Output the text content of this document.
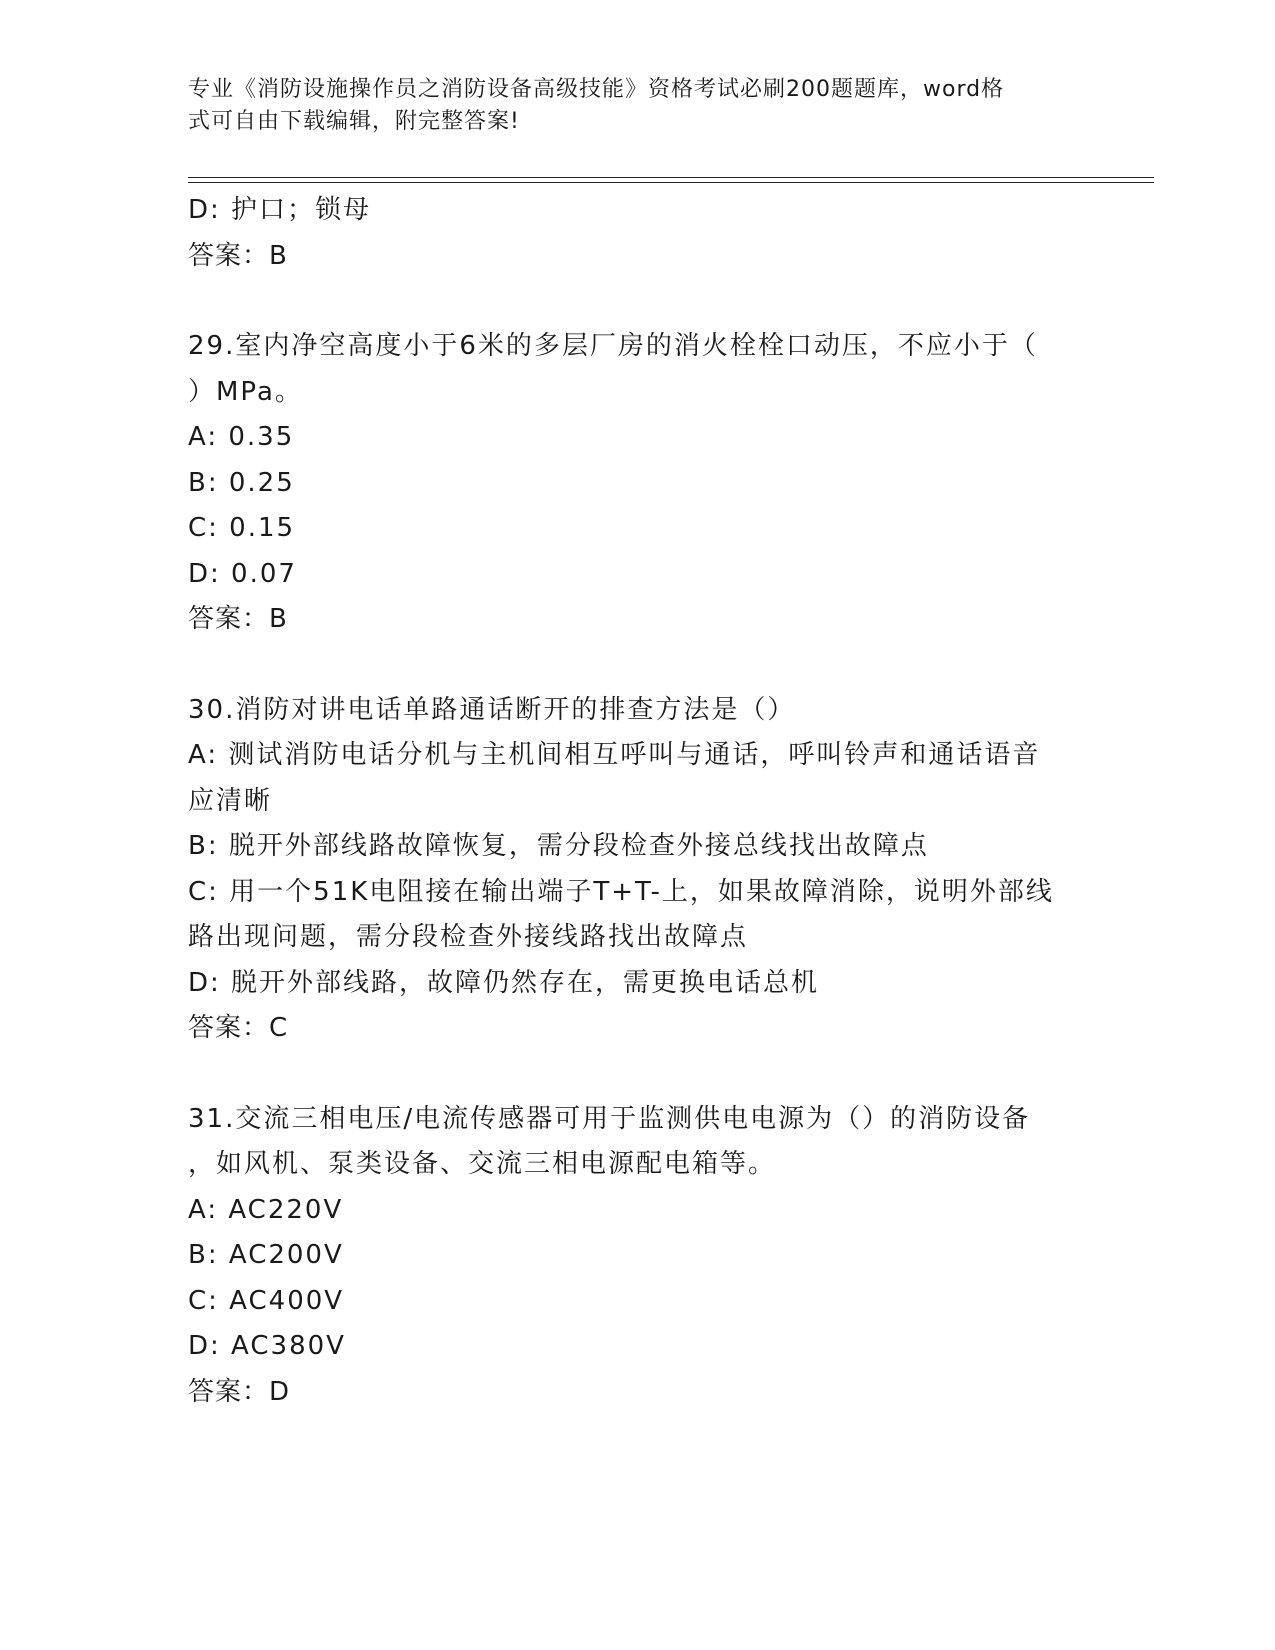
专业《消防设施操作员之消防设备高级技能》资格考试必刷200题题库，word格
式可自由下载编辑，附完整答案!
D: 护口；锁母
答案：B
29.室内净空高度小于6米的多层厂房的消火栓栓口动压，不应小于（
）MPa。
A: 0.35
B: 0.25
C: 0.15
D: 0.07
答案：B
30.消防对讲电话单路通话断开的排查方法是（）
A: 测试消防电话分机与主机间相互呼叫与通话，呼叫铃声和通话语音
应清晰
B: 脱开外部线路故障恢复，需分段检查外接总线找出故障点
C: 用一个51K电阻接在输出端子T+T-上，如果故障消除，说明外部线
路出现问题，需分段检查外接线路找出故障点
D: 脱开外部线路，故障仍然存在，需更换电话总机
答案：C
31.交流三相电压/电流传感器可用于监测供电电源为（）的消防设备
，如风机、泵类设备、交流三相电源配电箱等。
A: AC220V
B: AC200V
C: AC400V
D: AC380V
答案：D
